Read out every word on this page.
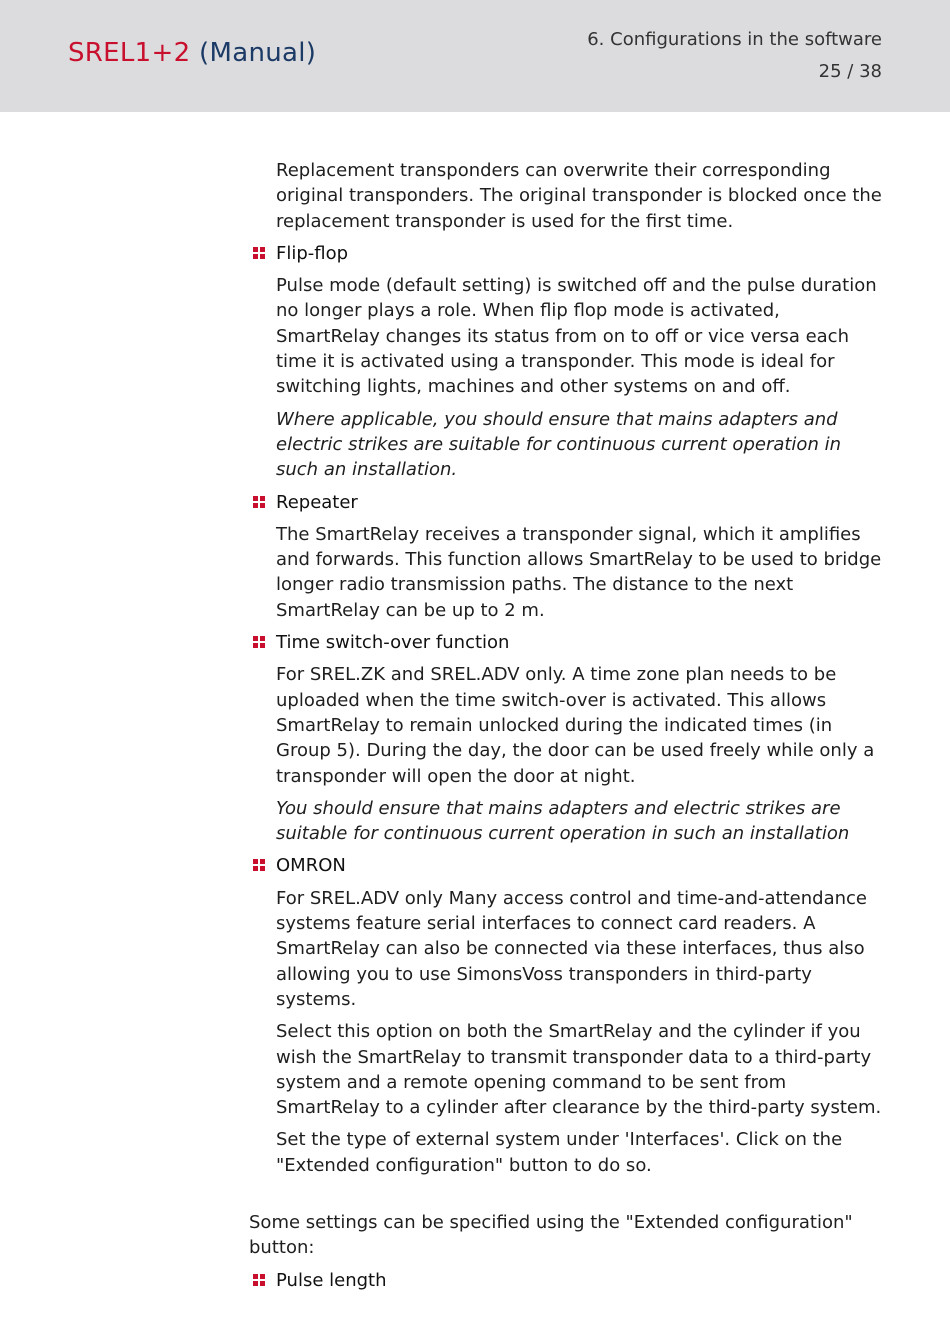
SREL1+2 (Manual)	6. Configurations in the software
25 / 38

Replacement transponders can overwrite their corresponding original transponders. The original transponder is blocked once the replacement transponder is used for the first time.

Flip-flop

Pulse mode (default setting) is switched off and the pulse duration no longer plays a role. When flip flop mode is activated, SmartRelay changes its status from on to off or vice versa each time it is activated using a transponder. This mode is ideal for switching lights, machines and other systems on and off.

Where applicable, you should ensure that mains adapters and electric strikes are suitable for continuous current operation in such an installation.

Repeater

The SmartRelay receives a transponder signal, which it amplifies and forwards. This function allows SmartRelay to be used to bridge longer radio transmission paths. The distance to the next SmartRelay can be up to 2 m.

Time switch-over function

For SREL.ZK and SREL.ADV only. A time zone plan needs to be uploaded when the time switch-over is activated. This allows SmartRelay to remain unlocked during the indicated times (in Group 5). During the day, the door can be used freely while only a transponder will open the door at night.

You should ensure that mains adapters and electric strikes are suitable for continuous current operation in such an installation

OMRON

For SREL.ADV only Many access control and time-and-attendance systems feature serial interfaces to connect card readers. A SmartRelay can also be connected via these interfaces, thus also allowing you to use SimonsVoss transponders in third-party systems.

Select this option on both the SmartRelay and the cylinder if you wish the SmartRelay to transmit transponder data to a third-party system and a remote opening command to be sent from SmartRelay to a cylinder after clearance by the third-party system.

Set the type of external system under 'Interfaces'. Click on the "Extended configuration" button to do so.

Some settings can be specified using the "Extended configuration" button:

Pulse length
